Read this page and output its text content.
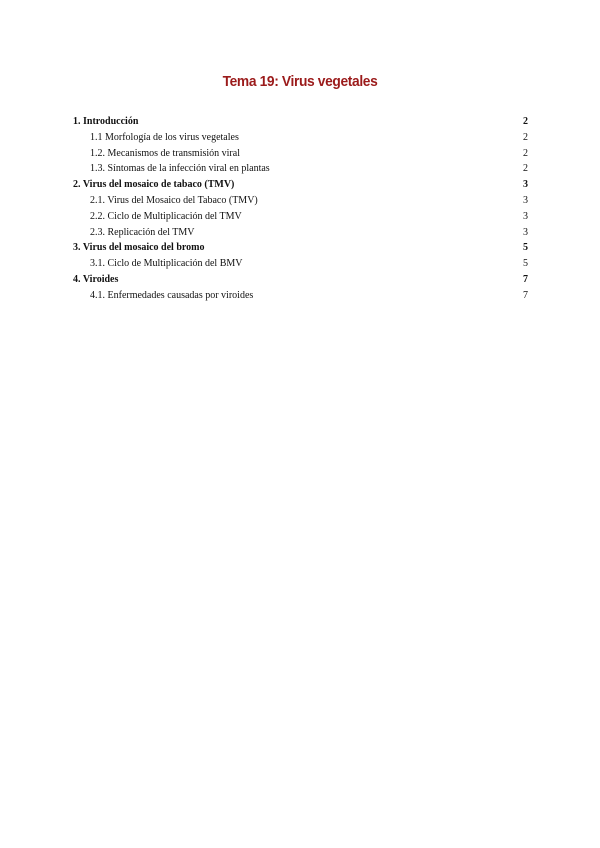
Tema 19: Virus vegetales
1. Introducción	2
1.1 Morfología de los virus vegetales	2
1.2. Mecanismos de transmisión viral	2
1.3. Síntomas de la infección viral en plantas	2
2. Virus del mosaico de tabaco (TMV)	3
2.1. Virus del Mosaico del Tabaco (TMV)	3
2.2. Ciclo de Multiplicación del TMV	3
2.3. Replicación del TMV	3
3. Virus del mosaico del bromo	5
3.1. Ciclo de Multiplicación del BMV	5
4. Viroides	7
4.1. Enfermedades causadas por viroides	7
